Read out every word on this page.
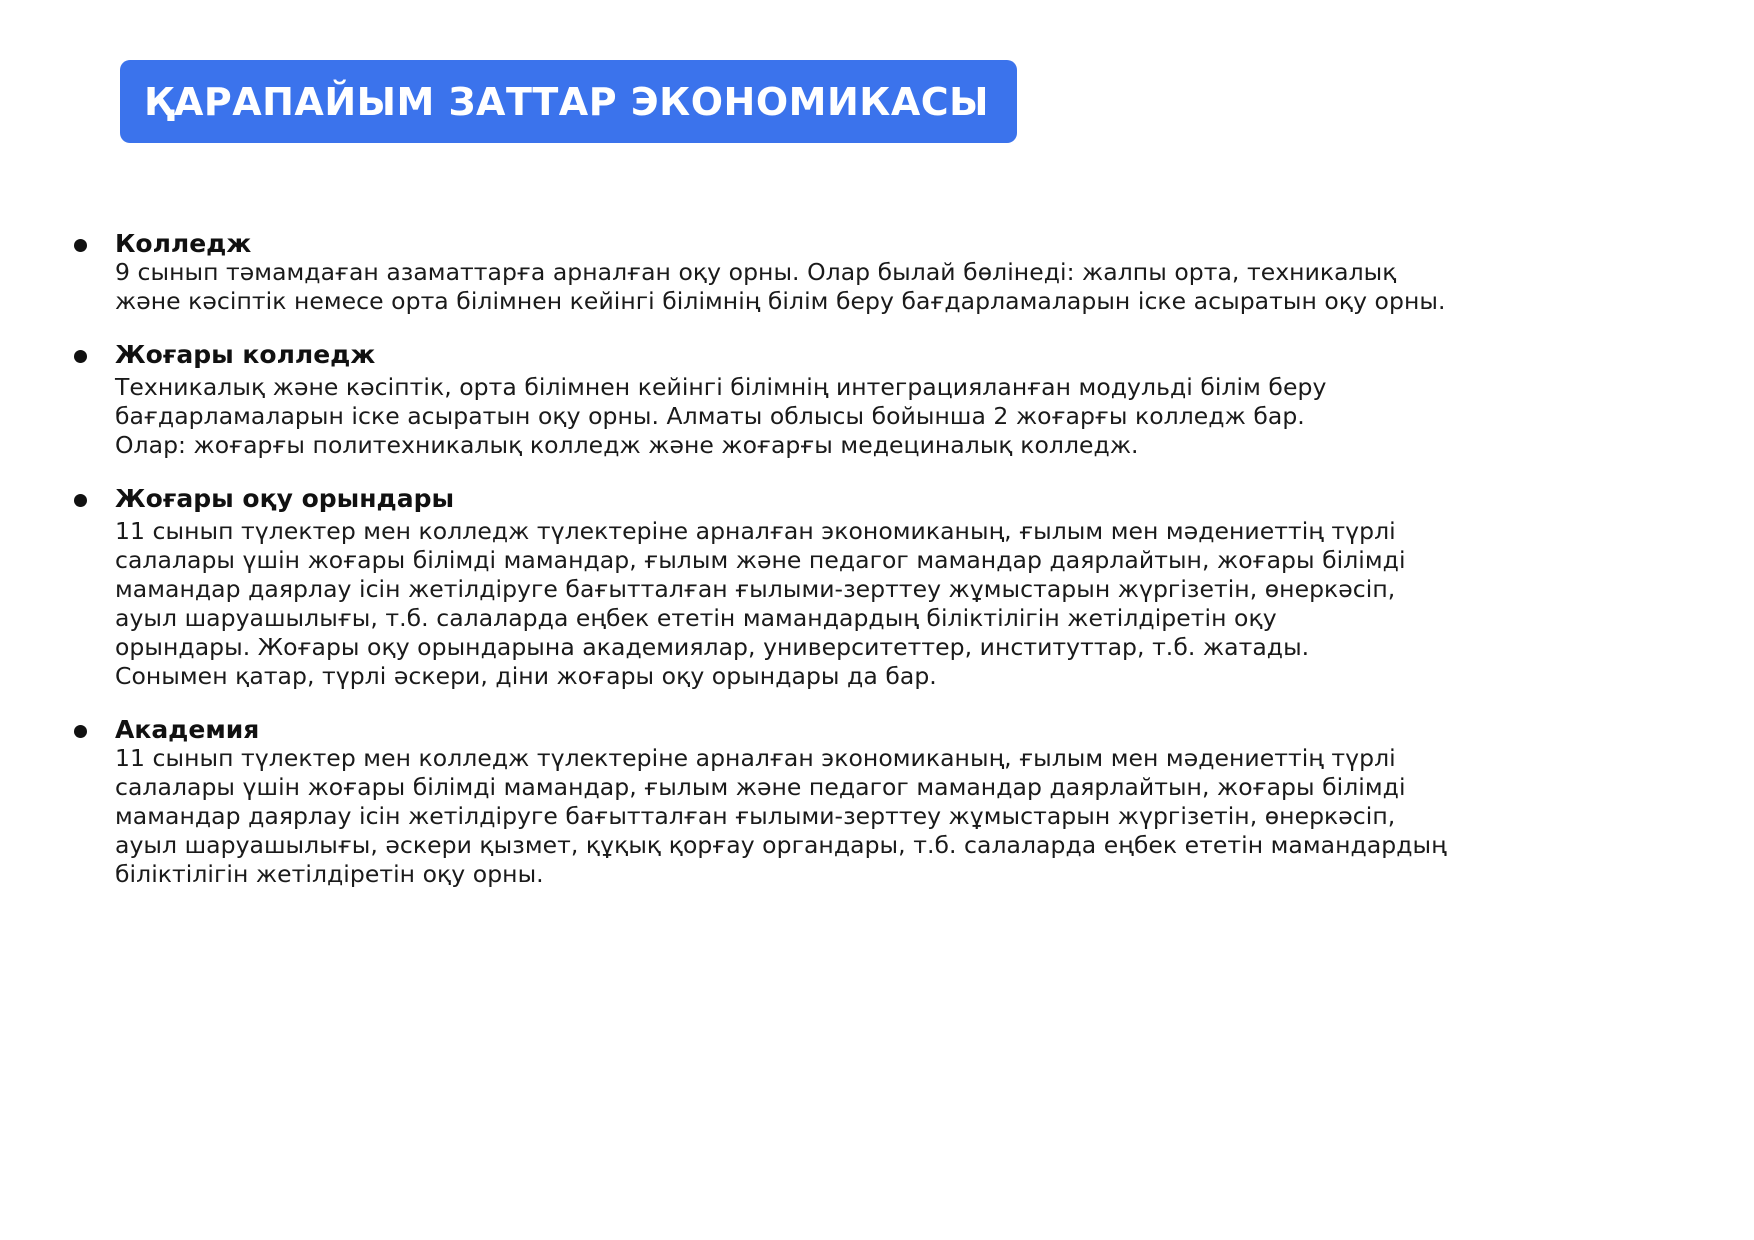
ҚАРАПАЙЫМ ЗАТТАР ЭКОНОМИКАСЫ
Колледж

9 сынып тәмамдаған азаматтарға арналған оқу орны. Олар былай бөлінеді: жалпы орта, техникалық
және кәсіптік немесе орта білімнен кейінгі білімнің білім беру бағдарламаларын іске асыратын оқу орны.

Жоғары колледж

Техникалық және кәсіптік, орта білімнен кейінгі білімнің интеграцияланған модульді білім беру
бағдарламаларын іске асыратын оқу орны. Алматы облысы бойынша 2 жоғарғы колледж бар.
Олар: жоғарғы политехникалық колледж және жоғарғы медециналық колледж.

Жоғары оқу орындары

11 сынып түлектер мен колледж түлектеріне арналған экономиканың, ғылым мен мәдениеттің түрлі
салалары үшін жоғары білімді мамандар, ғылым және педагог мамандар даярлайтын, жоғары білімді
мамандар даярлау ісін жетілдіруге бағытталған ғылыми-зерттеу жұмыстарын жүргізетін, өнеркәсіп,
ауыл шаруашылығы, т.б. салаларда еңбек ететін мамандардың біліктілігін жетілдіретін оқу
орындары. Жоғары оқу орындарына академиялар, университеттер, институттар, т.б. жатады.
Сонымен қатар, түрлі әскери, діни жоғары оқу орындары да бар.

Академия

11 сынып түлектер мен колледж түлектеріне арналған экономиканың, ғылым мен мәдениеттің түрлі
салалары үшін жоғары білімді мамандар, ғылым және педагог мамандар даярлайтын, жоғары білімді
мамандар даярлау ісін жетілдіруге бағытталған ғылыми-зерттеу жұмыстарын жүргізетін, өнеркәсіп,
ауыл шаруашылығы, әскери қызмет, құқық қорғау органдары, т.б. салаларда еңбек ететін мамандардың
біліктілігін жетілдіретін оқу орны.
